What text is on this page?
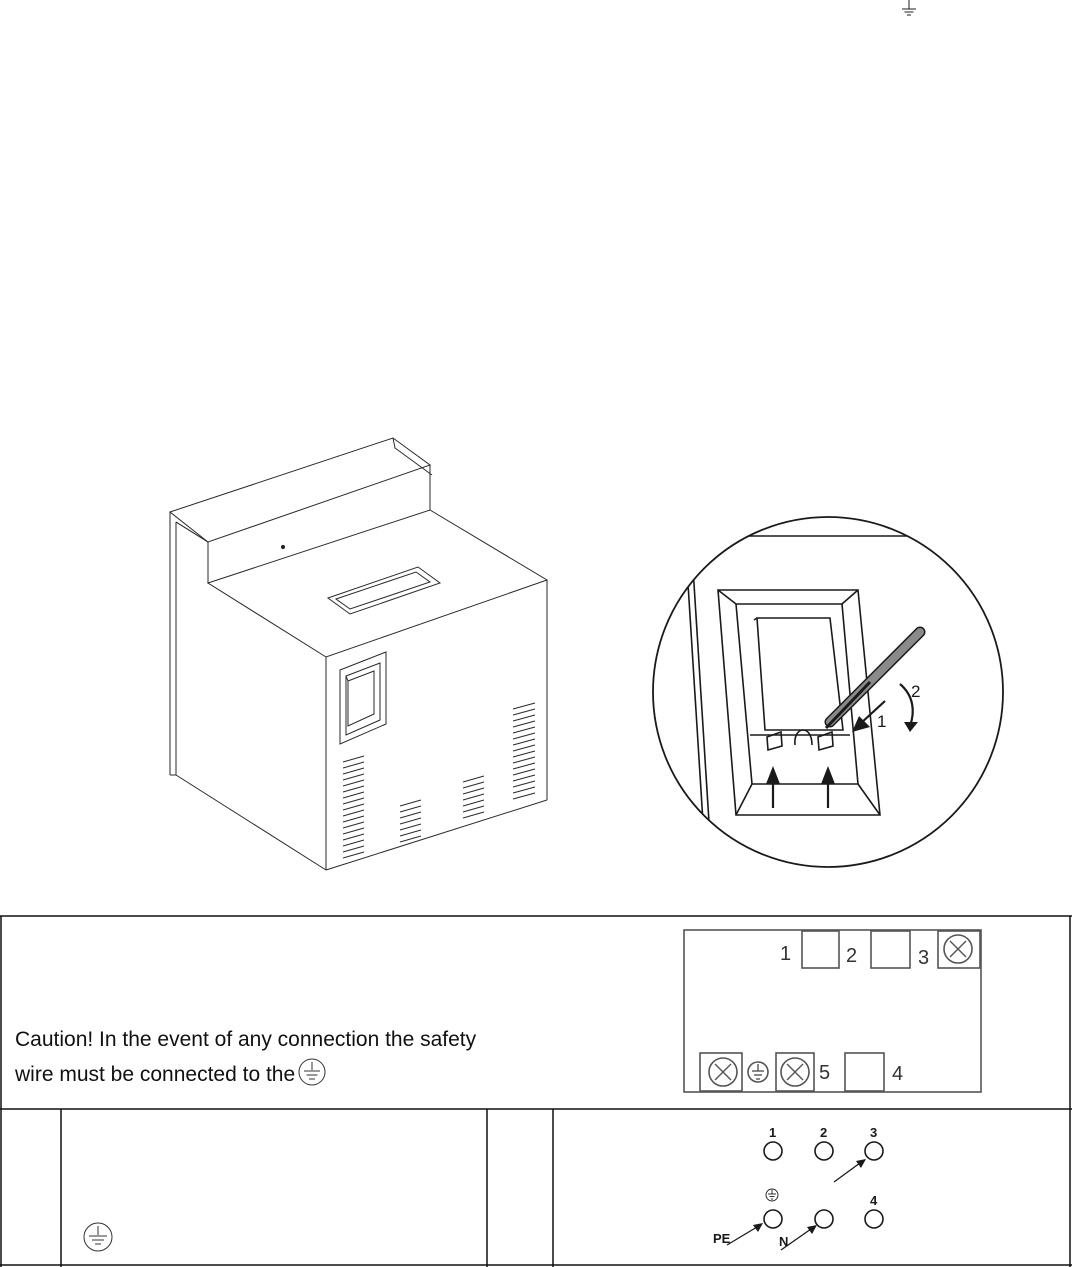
1
2
Caution! In the event of any connection the safety
wire must be connected to the
1	2	3
5	4
1	2	3
4
PE	N
